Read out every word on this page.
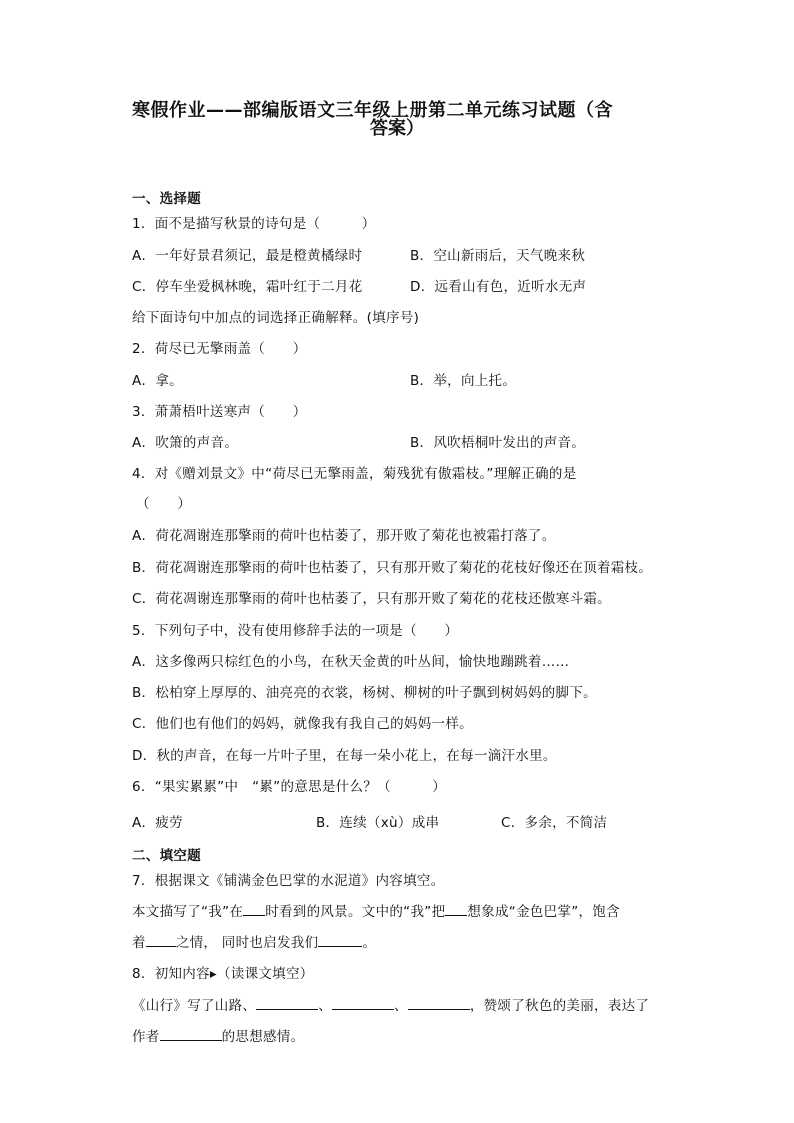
寒假作业——部编版语文三年级上册第二单元练习试题（含
答案）
一、选择题
1．面不是描写秋景的诗句是（　　　）
A．一年好景君须记，最是橙黄橘绿时	B．空山新雨后，天气晚来秋
C．停车坐爱枫林晚，霜叶红于二月花	D．远看山有色，近听水无声
给下面诗句中加点的词选择正确解释。(填序号)
2．荷尽已无擎雨盖（　　）
A．拿。	B．举，向上托。
3．萧萧梧叶送寒声（　　）
A．吹箫的声音。	B．风吹梧桐叶发出的声音。
4．对《赠刘景文》中“荷尽已无擎雨盖，菊残犹有傲霜枝。”理解正确的是
（　　）
A．荷花凋谢连那擎雨的荷叶也枯萎了，那开败了菊花也被霜打落了。
B．荷花凋谢连那擎雨的荷叶也枯萎了，只有那开败了菊花的花枝好像还在顶着霜枝。
C．荷花凋谢连那擎雨的荷叶也枯萎了，只有那开败了菊花的花枝还傲寒斗霜。
5．下列句子中，没有使用修辞手法的一项是（　　）
A．这多像两只棕红色的小鸟，在秋天金黄的叶丛间，愉快地蹦跳着……
B．松柏穿上厚厚的、油亮亮的衣裳，杨树、柳树的叶子飘到树妈妈的脚下。
C．他们也有他们的妈妈，就像我有我自己的妈妈一样。
D．秋的声音，在每一片叶子里，在每一朵小花上，在每一滴汗水里。
6．“果实累累”中　“累”的意思是什么？（　　　）
A．疲劳	B．连续（xù）成串	C．多余，不简洁
二、填空题
7．根据课文《铺满金色巴掌的水泥道》内容填空。
本文描写了“我”在 时看到的风景。文中的“我”把 想象成“金色巴掌”，饱含
着 之情， 同时也启发我们	。
8．初知内容▸（读课文填空）
《山行》写了山路、	、	、	，赞颂了秋色的美丽，表达了
作者	的思想感情。
